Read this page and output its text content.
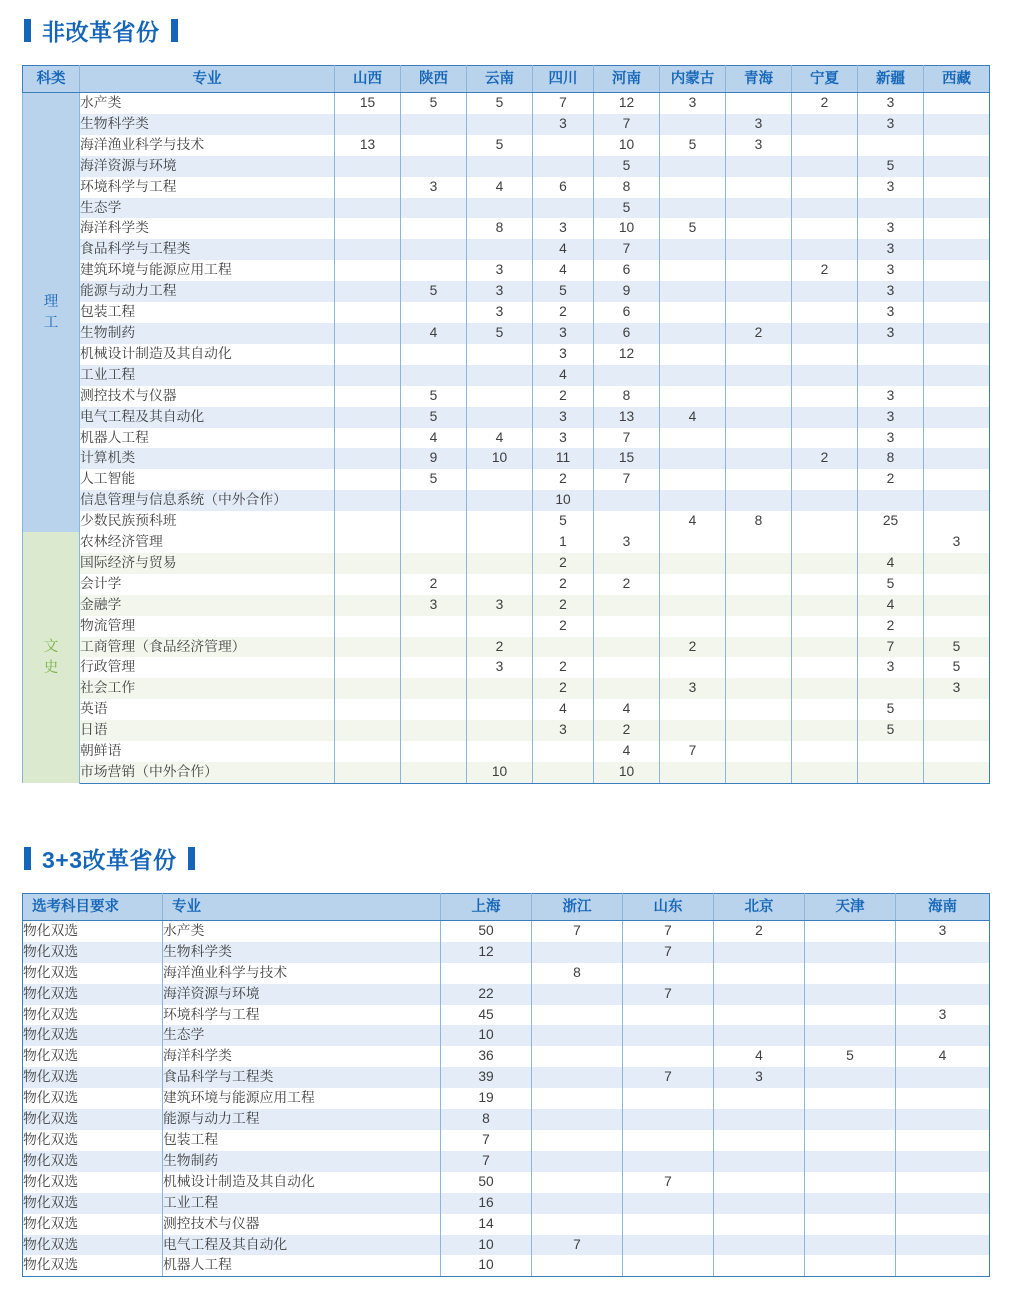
非改革省份
科类	专业	山西	陕西	云南	四川	河南	内蒙古	青海	宁夏	新疆	西藏

理
工	水产类	15	5	5	7	12	3		2	3	
	生物科学类				3	7		3		3	
	海洋渔业科学与技术	13		5		10	5	3			
	海洋资源与环境					5				5	
	环境科学与工程		3	4	6	8				3	
	生态学					5					
	海洋科学类			8	3	10	5			3	
	食品科学与工程类				4	7				3	
	建筑环境与能源应用工程			3	4	6			2	3	
	能源与动力工程		5	3	5	9				3	
	包装工程			3	2	6				3	
	生物制药		4	5	3	6		2		3	
	机械设计制造及其自动化				3	12					
	工业工程				4						
	测控技术与仪器		5		2	8				3	
	电气工程及其自动化		5		3	13	4			3	
	机器人工程		4	4	3	7				3	
	计算机类		9	10	11	15			2	8	
	人工智能		5		2	7				2	
	信息管理与信息系统（中外合作）				10						
	少数民族预科班				5		4	8		25	

文
史	农林经济管理				1	3					3
	国际经济与贸易				2					4	
	会计学		2		2	2				5	
	金融学		3	3	2					4	
	物流管理				2					2	
	工商管理（食品经济管理）			2			2			7	5
	行政管理			3	2					3	5
	社会工作				2		3				3
	英语				4	4				5	
	日语				3	2				5	
	朝鲜语					4	7				
	市场营销（中外合作）			10		10					
3+3改革省份
选考科目要求	专业	上海	浙江	山东	北京	天津	海南
物化双选	水产类	50	7	7	2		3
物化双选	生物科学类	12		7			
物化双选	海洋渔业科学与技术		8				
物化双选	海洋资源与环境	22		7			
物化双选	环境科学与工程	45					3
物化双选	生态学	10					
物化双选	海洋科学类	36			4	5	4
物化双选	食品科学与工程类	39		7	3		
物化双选	建筑环境与能源应用工程	19					
物化双选	能源与动力工程	8					
物化双选	包装工程	7					
物化双选	生物制药	7					
物化双选	机械设计制造及其自动化	50		7			
物化双选	工业工程	16					
物化双选	测控技术与仪器	14					
物化双选	电气工程及其自动化	10	7				
物化双选	机器人工程	10					
